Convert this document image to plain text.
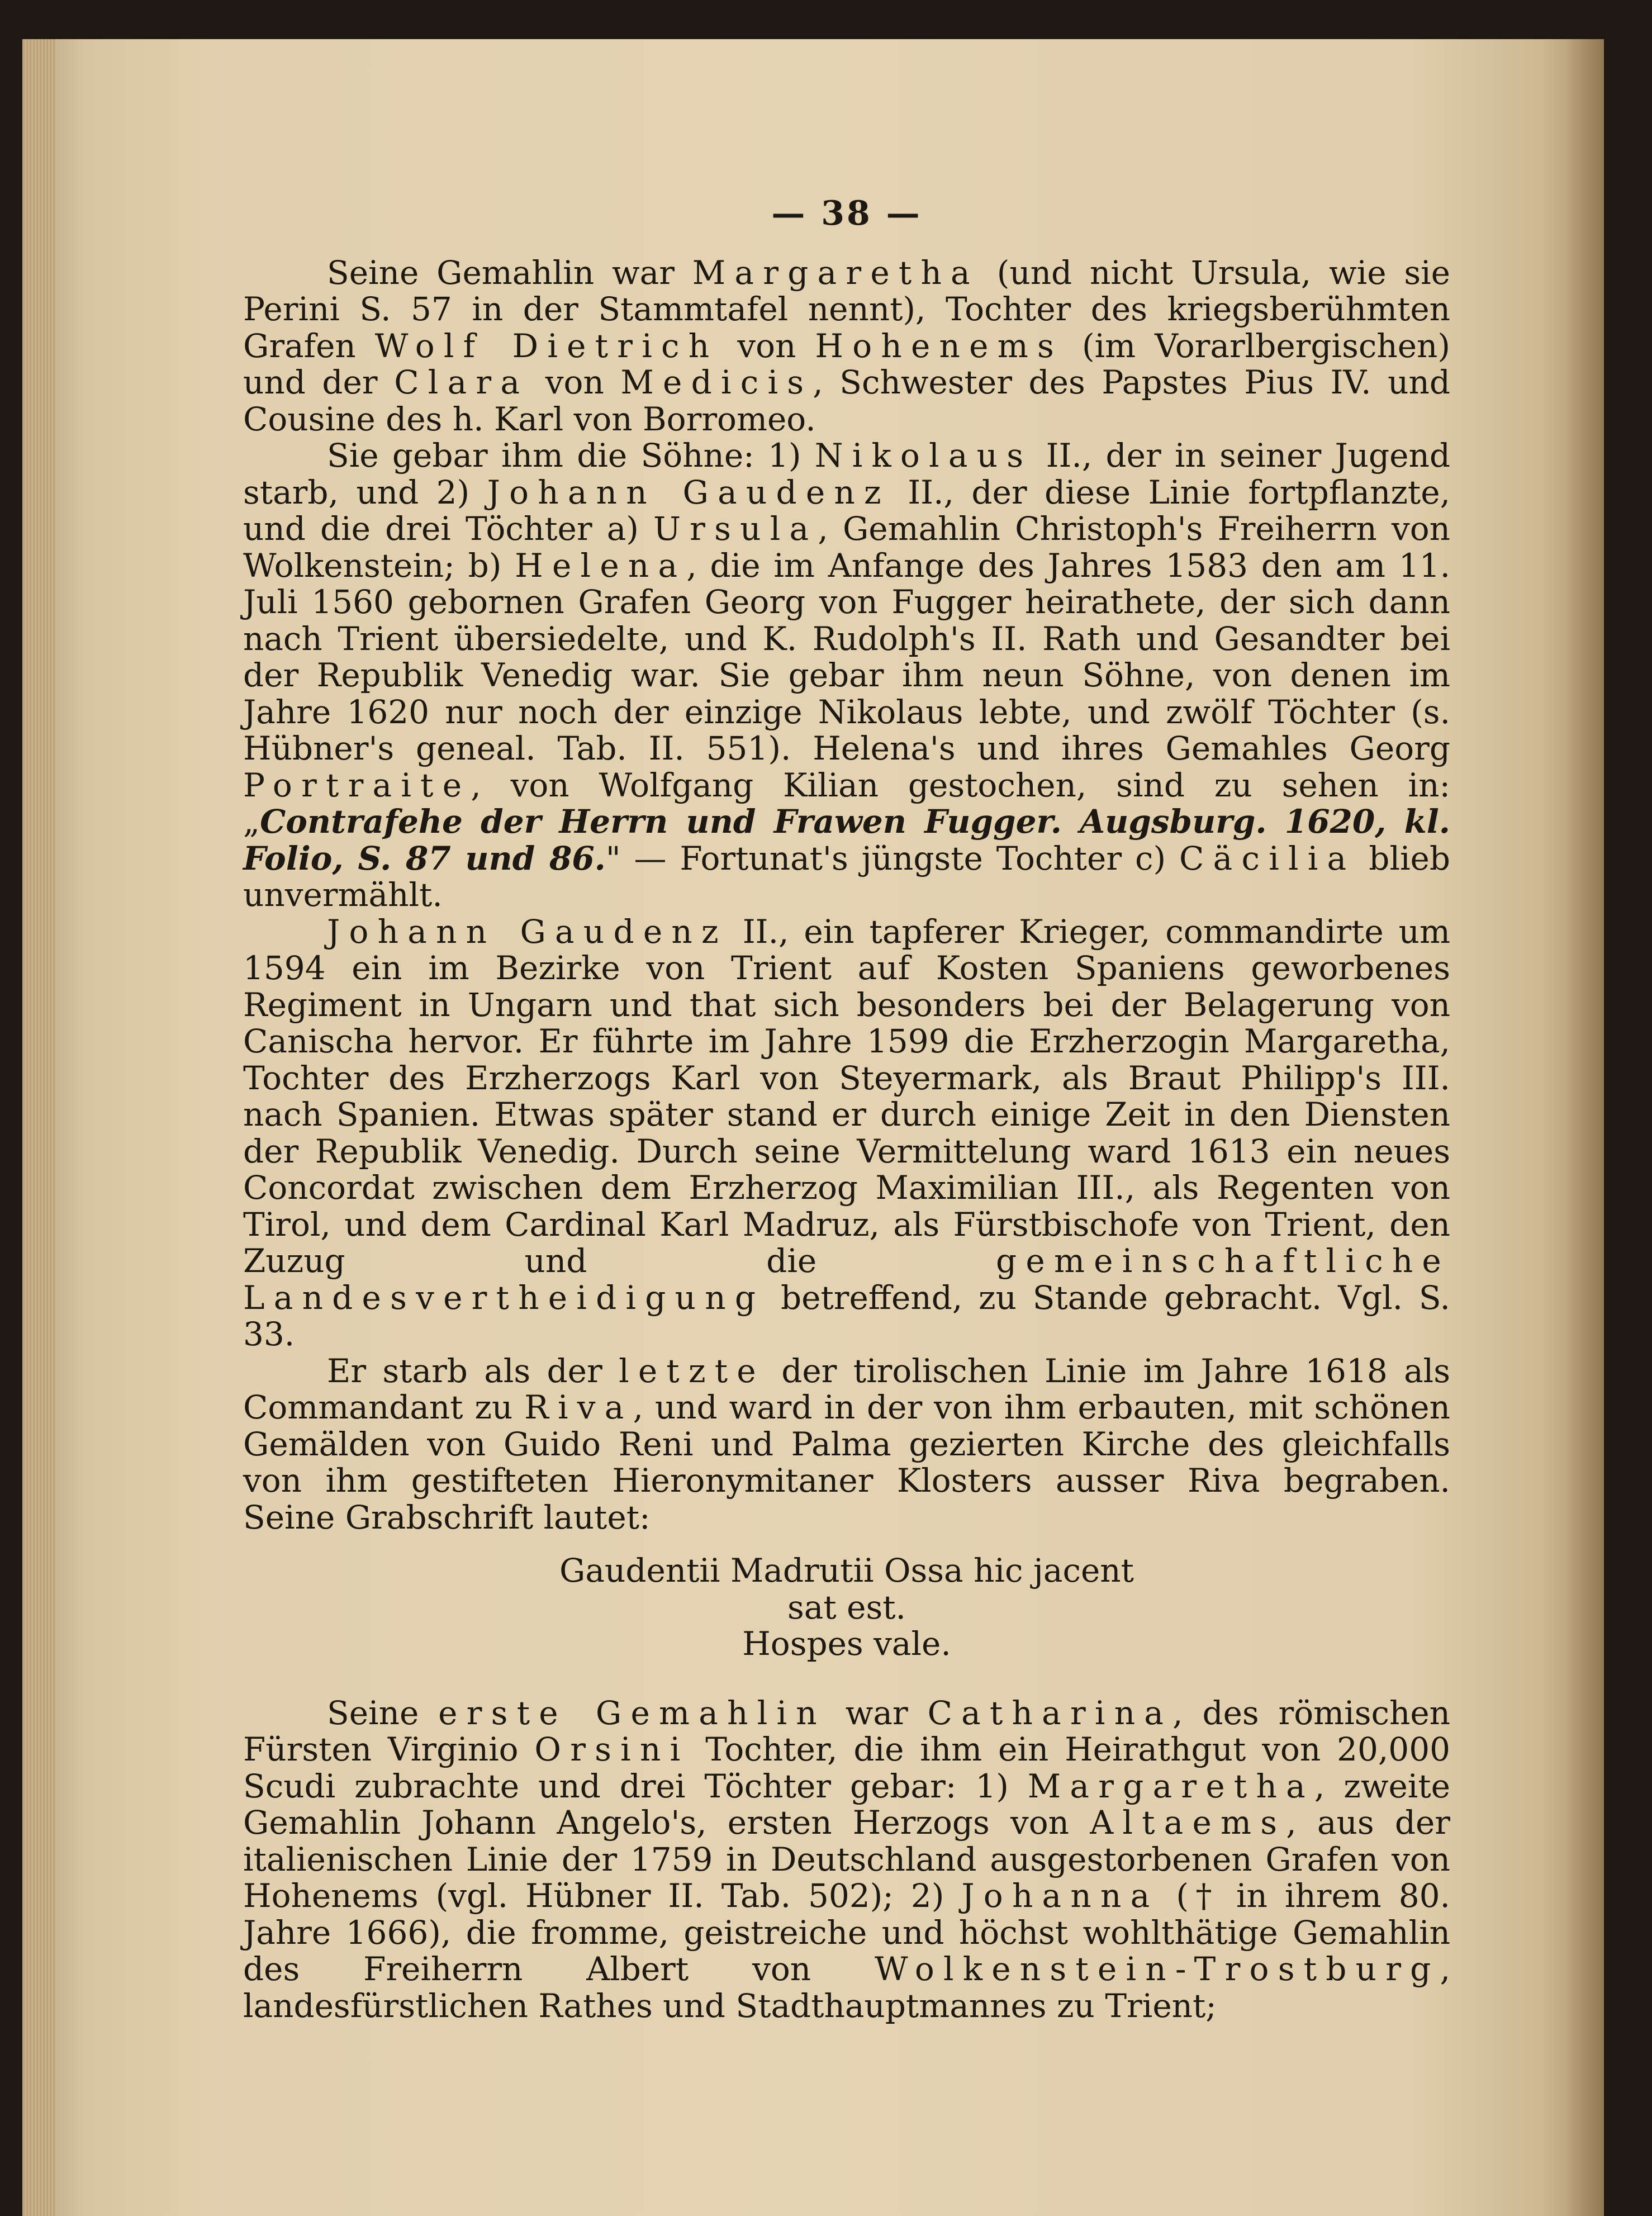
— 38 —

Seine Gemahlin war Margaretha (und nicht Ursula, wie sie Perini S. 57 in der Stammtafel nennt), Tochter des kriegsberühmten Grafen Wolf Dietrich von Hohenems (im Vorarlbergischen) und der Clara von Medicis, Schwester des Papstes Pius IV. und Cousine des h. Karl von Borromeo.

Sie gebar ihm die Söhne: 1) Nikolaus II., der in seiner Jugend starb, und 2) Johann Gaudenz II., der diese Linie fortpflanzte, und die drei Töchter a) Ursula, Gemahlin Christoph's Freiherrn von Wolkenstein; b) Helena, die im Anfange des Jahres 1583 den am 11. Juli 1560 gebornen Grafen Georg von Fugger heirathete, der sich dann nach Trient übersiedelte, und K. Rudolph's II. Rath und Gesandter bei der Republik Venedig war. Sie gebar ihm neun Söhne, von denen im Jahre 1620 nur noch der einzige Nikolaus lebte, und zwölf Töchter (s. Hübner's geneal. Tab. II. 551). Helena's und ihres Gemahles Georg Portraite, von Wolfgang Kilian gestochen, sind zu sehen in: „Contrafehe der Herrn und Frawen Fugger. Augsburg. 1620, kl. Folio, S. 87 und 86." — Fortunat's jüngste Tochter c) Cäcilia blieb unvermählt.

Johann Gaudenz II., ein tapferer Krieger, commandirte um 1594 ein im Bezirke von Trient auf Kosten Spaniens geworbenes Regiment in Ungarn und that sich besonders bei der Belagerung von Canischa hervor. Er führte im Jahre 1599 die Erzherzogin Margaretha, Tochter des Erzherzogs Karl von Steyermark, als Braut Philipp's III. nach Spanien. Etwas später stand er durch einige Zeit in den Diensten der Republik Venedig. Durch seine Vermittelung ward 1613 ein neues Concordat zwischen dem Erzherzog Maximilian III., als Regenten von Tirol, und dem Cardinal Karl Madruz, als Fürstbischofe von Trient, den Zuzug und die gemeinschaftliche Landesvertheidigung betreffend, zu Stande gebracht. Vgl. S. 33.

Er starb als der letzte der tirolischen Linie im Jahre 1618 als Commandant zu Riva, und ward in der von ihm erbauten, mit schönen Gemälden von Guido Reni und Palma gezierten Kirche des gleichfalls von ihm gestifteten Hieronymitaner Klosters ausser Riva begraben. Seine Grabschrift lautet:

Gaudentii Madrutii Ossa hic jacent
sat est.
Hospes vale.

Seine erste Gemahlin war Catharina, des römischen Fürsten Virginio Orsini Tochter, die ihm ein Heirathgut von 20,000 Scudi zubrachte und drei Töchter gebar: 1) Margaretha, zweite Gemahlin Johann Angelo's, ersten Herzogs von Altaems, aus der italienischen Linie der 1759 in Deutschland ausgestorbenen Grafen von Hohenems (vgl. Hübner II. Tab. 502); 2) Johanna († in ihrem 80. Jahre 1666), die fromme, geistreiche und höchst wohlthätige Gemahlin des Freiherrn Albert von Wolkenstein-Trostburg, landesfürstlichen Rathes und Stadthauptmannes zu Trient;
